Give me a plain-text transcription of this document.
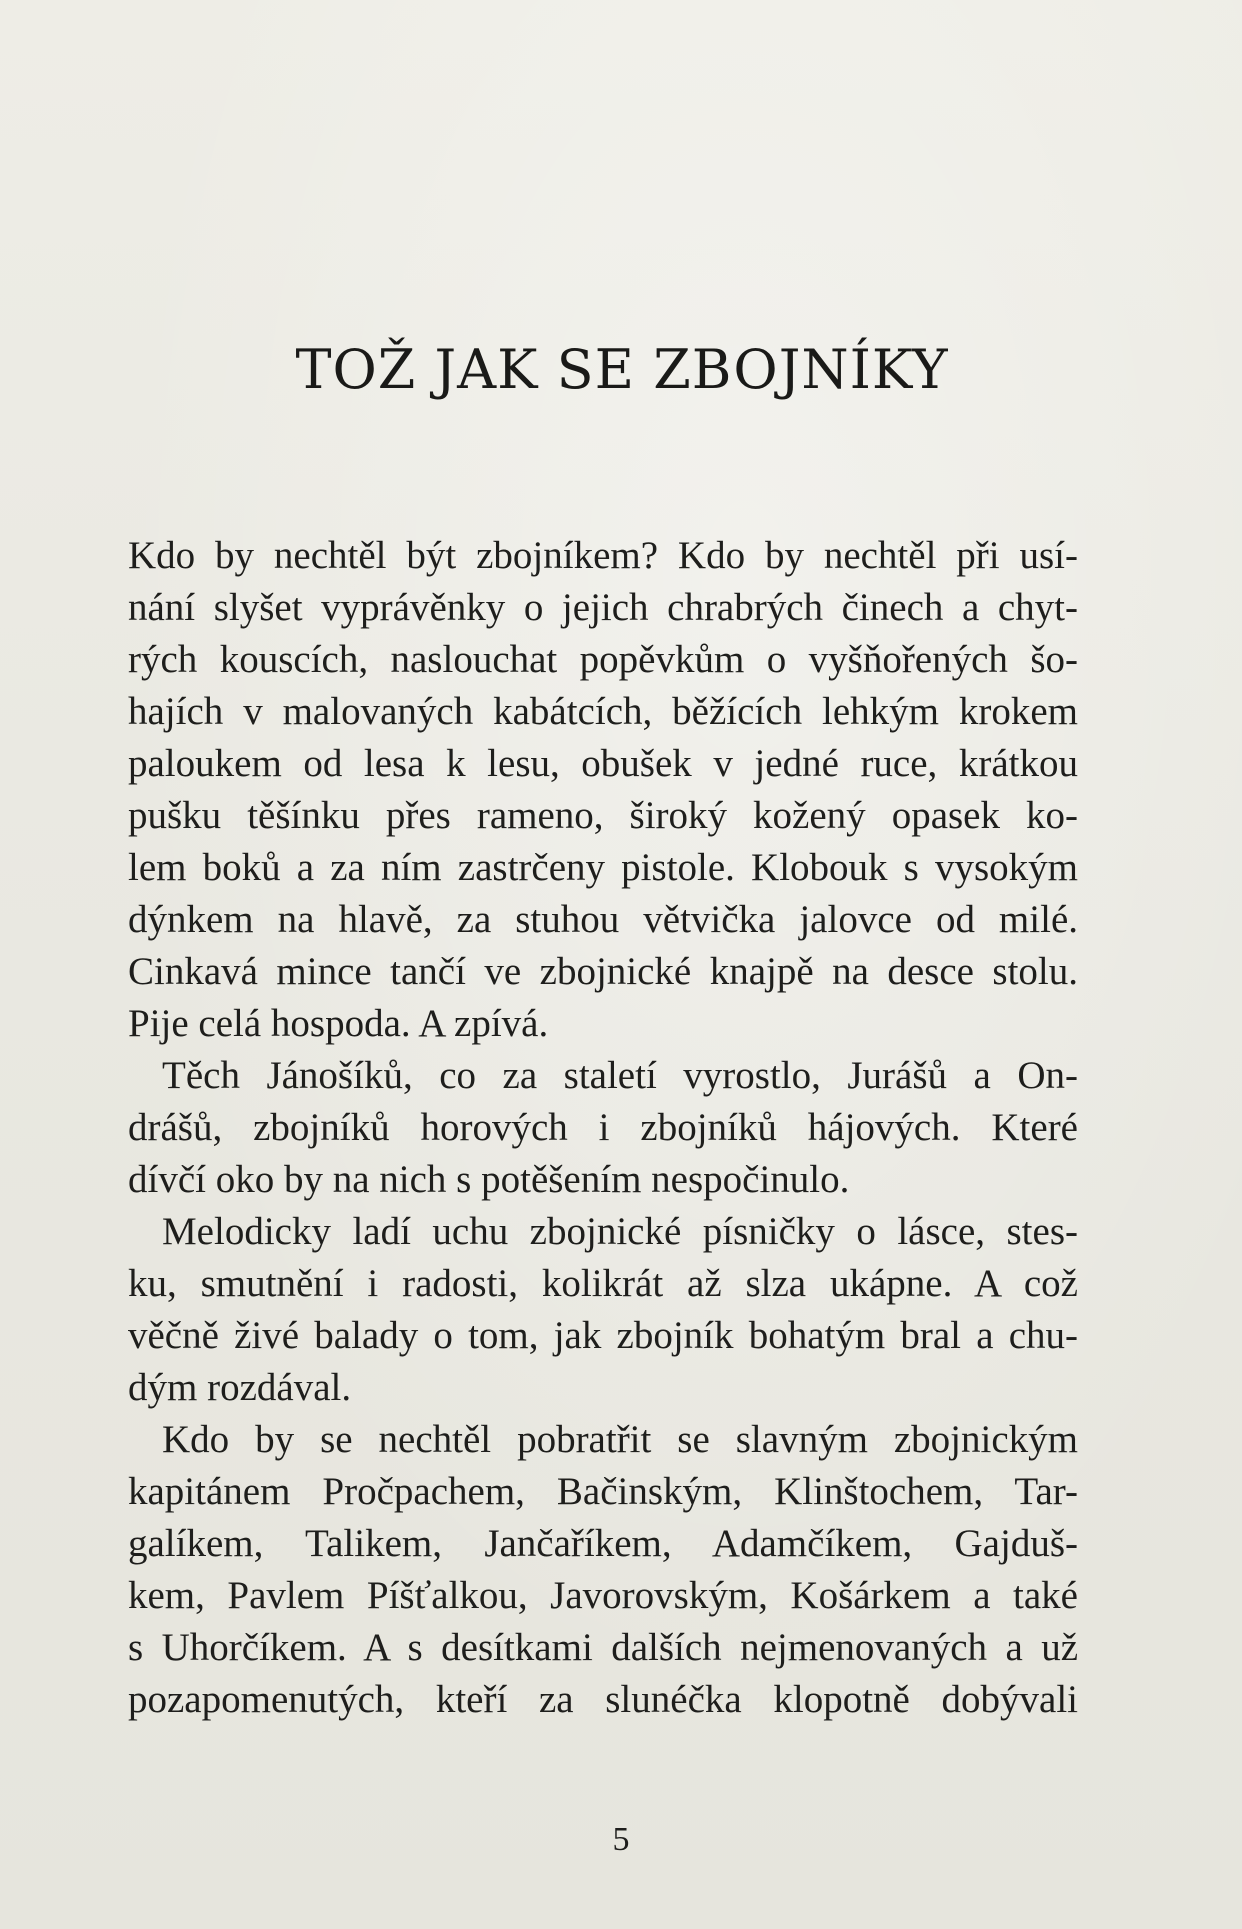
TOŽ JAK SE ZBOJNÍKY
Kdo by nechtěl být zbojníkem? Kdo by nechtěl při usí-
nání slyšet vyprávěnky o jejich chrabrých činech a chyt-
rých kouscích, naslouchat popěvkům o vyšňořených šo-
hajích v malovaných kabátcích, běžících lehkým krokem
paloukem od lesa k lesu, obušek v jedné ruce, krátkou
pušku těšínku přes rameno, široký kožený opasek ko-
lem boků a za ním zastrčeny pistole. Klobouk s vysokým
dýnkem na hlavě, za stuhou větvička jalovce od milé.
Cinkavá mince tančí ve zbojnické knajpě na desce stolu.
Pije celá hospoda. A zpívá.
Těch Jánošíků, co za staletí vyrostlo, Jurášů a On-
drášů, zbojníků horových i zbojníků hájových. Které
dívčí oko by na nich s potěšením nespočinulo.
Melodicky ladí uchu zbojnické písničky o lásce, stes-
ku, smutnění i radosti, kolikrát až slza ukápne. A což
věčně živé balady o tom, jak zbojník bohatým bral a chu-
dým rozdával.
Kdo by se nechtěl pobratřit se slavným zbojnickým
kapitánem Pročpachem, Bačinským, Klinštochem, Tar-
galíkem, Talikem, Jančaříkem, Adamčíkem, Gajduš-
kem, Pavlem Píšťalkou, Javorovským, Košárkem a také
s Uhorčíkem. A s desítkami dalších nejmenovaných a už
pozapomenutých, kteří za slunéčka klopotně dobývali
5
